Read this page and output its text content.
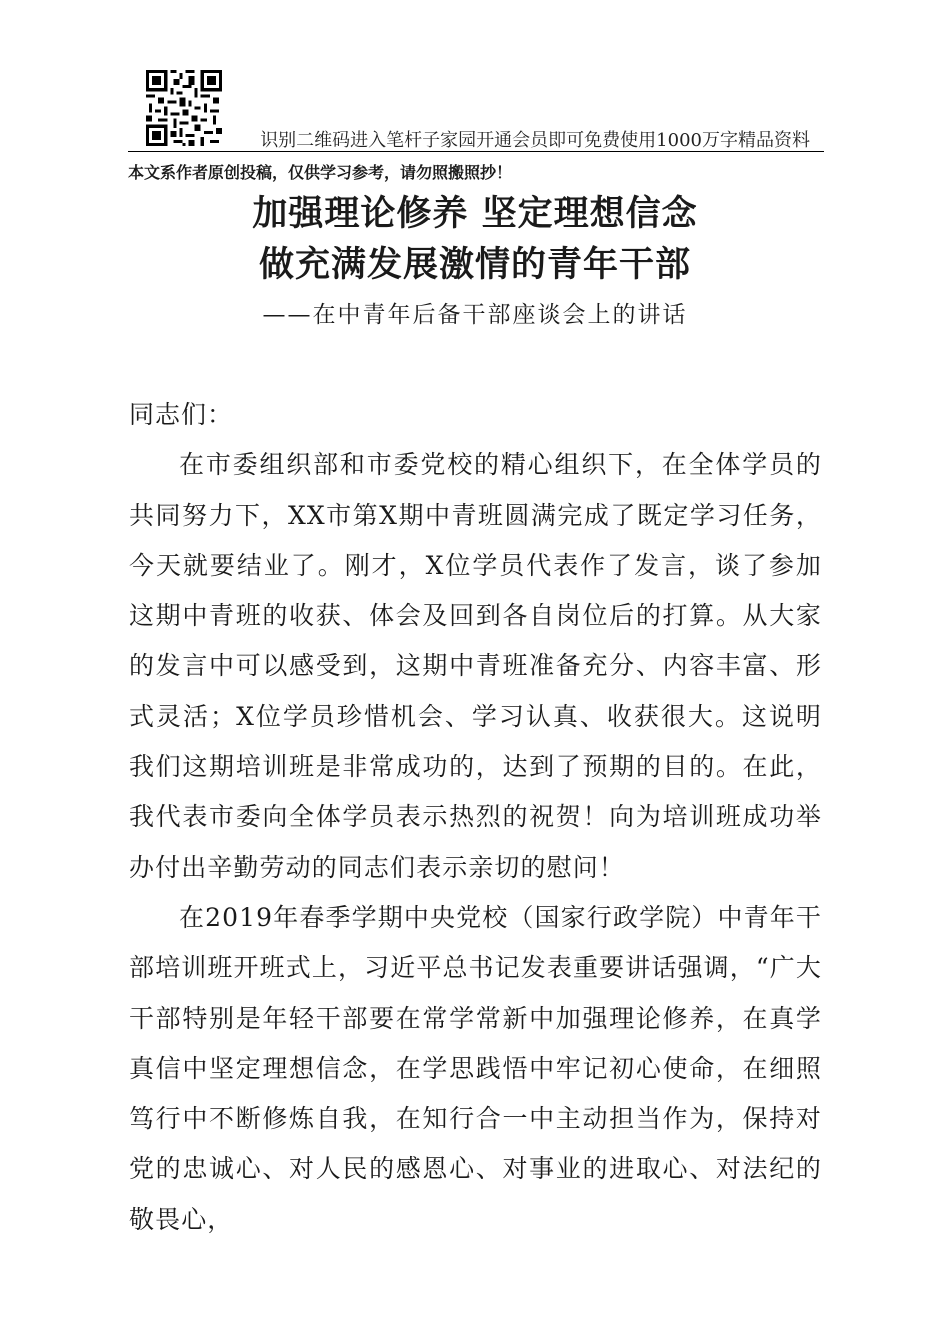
识别二维码进入笔杆子家园开通会员即可免费使用1000万字精品资料
本文系作者原创投稿，仅供学习参考，请勿照搬照抄！
加强理论修养 坚定理想信念
做充满发展激情的青年干部
——在中青年后备干部座谈会上的讲话

同志们：

在市委组织部和市委党校的精心组织下，在全体学员的共同努力下，XX市第X期中青班圆满完成了既定学习任务，今天就要结业了。刚才，X位学员代表作了发言，谈了参加这期中青班的收获、体会及回到各自岗位后的打算。从大家的发言中可以感受到，这期中青班准备充分、内容丰富、形式灵活；X位学员珍惜机会、学习认真、收获很大。这说明我们这期培训班是非常成功的，达到了预期的目的。在此，我代表市委向全体学员表示热烈的祝贺！向为培训班成功举办付出辛勤劳动的同志们表示亲切的慰问！

在2019年春季学期中央党校（国家行政学院）中青年干部培训班开班式上，习近平总书记发表重要讲话强调，“广大干部特别是年轻干部要在常学常新中加强理论修养，在真学真信中坚定理想信念，在学思践悟中牢记初心使命，在细照笃行中不断修炼自我，在知行合一中主动担当作为，保持对党的忠诚心、对人民的感恩心、对事业的进取心、对法纪的敬畏心，
